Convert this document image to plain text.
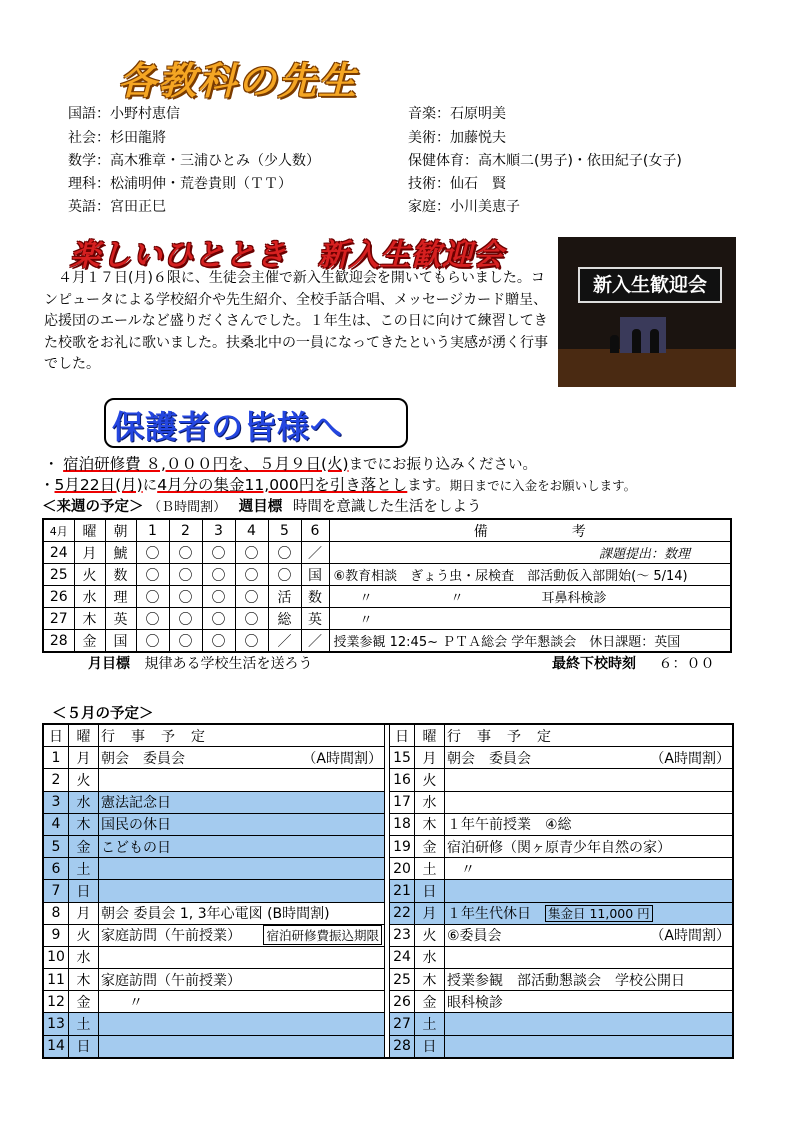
各教科の先生
国語：小野村恵信
社会：杉田龍將
数学：高木雅章・三浦ひとみ（少人数）
理科：松浦明伸・荒巻貴則（ＴＴ）
英語：宮田正巳
音楽：石原明美
美術：加藤悦夫
保健体育：高木順二(男子)・依田紀子(女子)
技術：仙石　賢
家庭：小川美恵子
楽しいひととき　新入生歓迎会
４月１７日(月)６限に、生徒会主催で新入生歓迎会を開いてもらいました。コンピュータによる学校紹介や先生紹介、全校手話合唱、メッセージカード贈呈、応援団のエールなど盛りだくさんでした。１年生は、この日に向けて練習してきた校歌をお礼に歌いました。扶桑北中の一員になってきたという実感が湧く行事でした。
新入生歓迎会
保護者の皆様へ
・ 宿泊研修費 ８,０００円を、５月９日(火)までにお振り込みください。
・5月22日(月)に4月分の集金11,000円を引き落とします。期日までに入金をお願いします。
＜来週の予定＞ （Ｂ時間割） 週目標 時間を意識した生活をしよう
4月	曜	朝	1	2	3	4	5	6	備　　　　　　考
24	月	鯱	〇	〇	〇	〇	〇	／	課題提出：数理
25	火	数	〇	〇	〇	〇	〇	国	⑥教育相談　ぎょう虫・尿検査　部活動仮入部開始(～ 5/14)
26	水	理	〇	〇	〇	〇	活	数	　　〃　　　　　　〃　　　　　　耳鼻科検診
27	木	英	〇	〇	〇	〇	総	英	　　〃
28	金	国	〇	〇	〇	〇	／	／	授業参観 12:45~ ＰＴＡ総会 学年懇談会　休日課題：英国
月目標 規律ある学校生活を送ろう	最終下校時刻 ６：００
＜５月の予定＞
日	曜	行　事　予　定		日	曜	行　事　予　定
1	月	朝会　委員会 （A時間割）		15	月	朝会　委員会 （A時間割）

2	火			16	火	
3	水	憲法記念日		17	水	
4	木	国民の休日		18	木	１年午前授業　④総
5	金	こどもの日		19	金	宿泊研修（関ヶ原青少年自然の家）
6	土			20	土	　〃
7	日			21	日	
8	月	朝会 委員会 1, 3年心電図 (B時間割)		22	月	１年生代休日 集金日 11,000 円
9	火	家庭訪問（午前授業） 宿泊研修費振込期限		23	火	⑥委員会 （A時間割）

10	水			24	水	
11	木	家庭訪問（午前授業）		25	木	授業参観　部活動懇談会　学校公開日
12	金	　　〃		26	金	眼科検診
13	土			27	土	
14	日			28	日	
